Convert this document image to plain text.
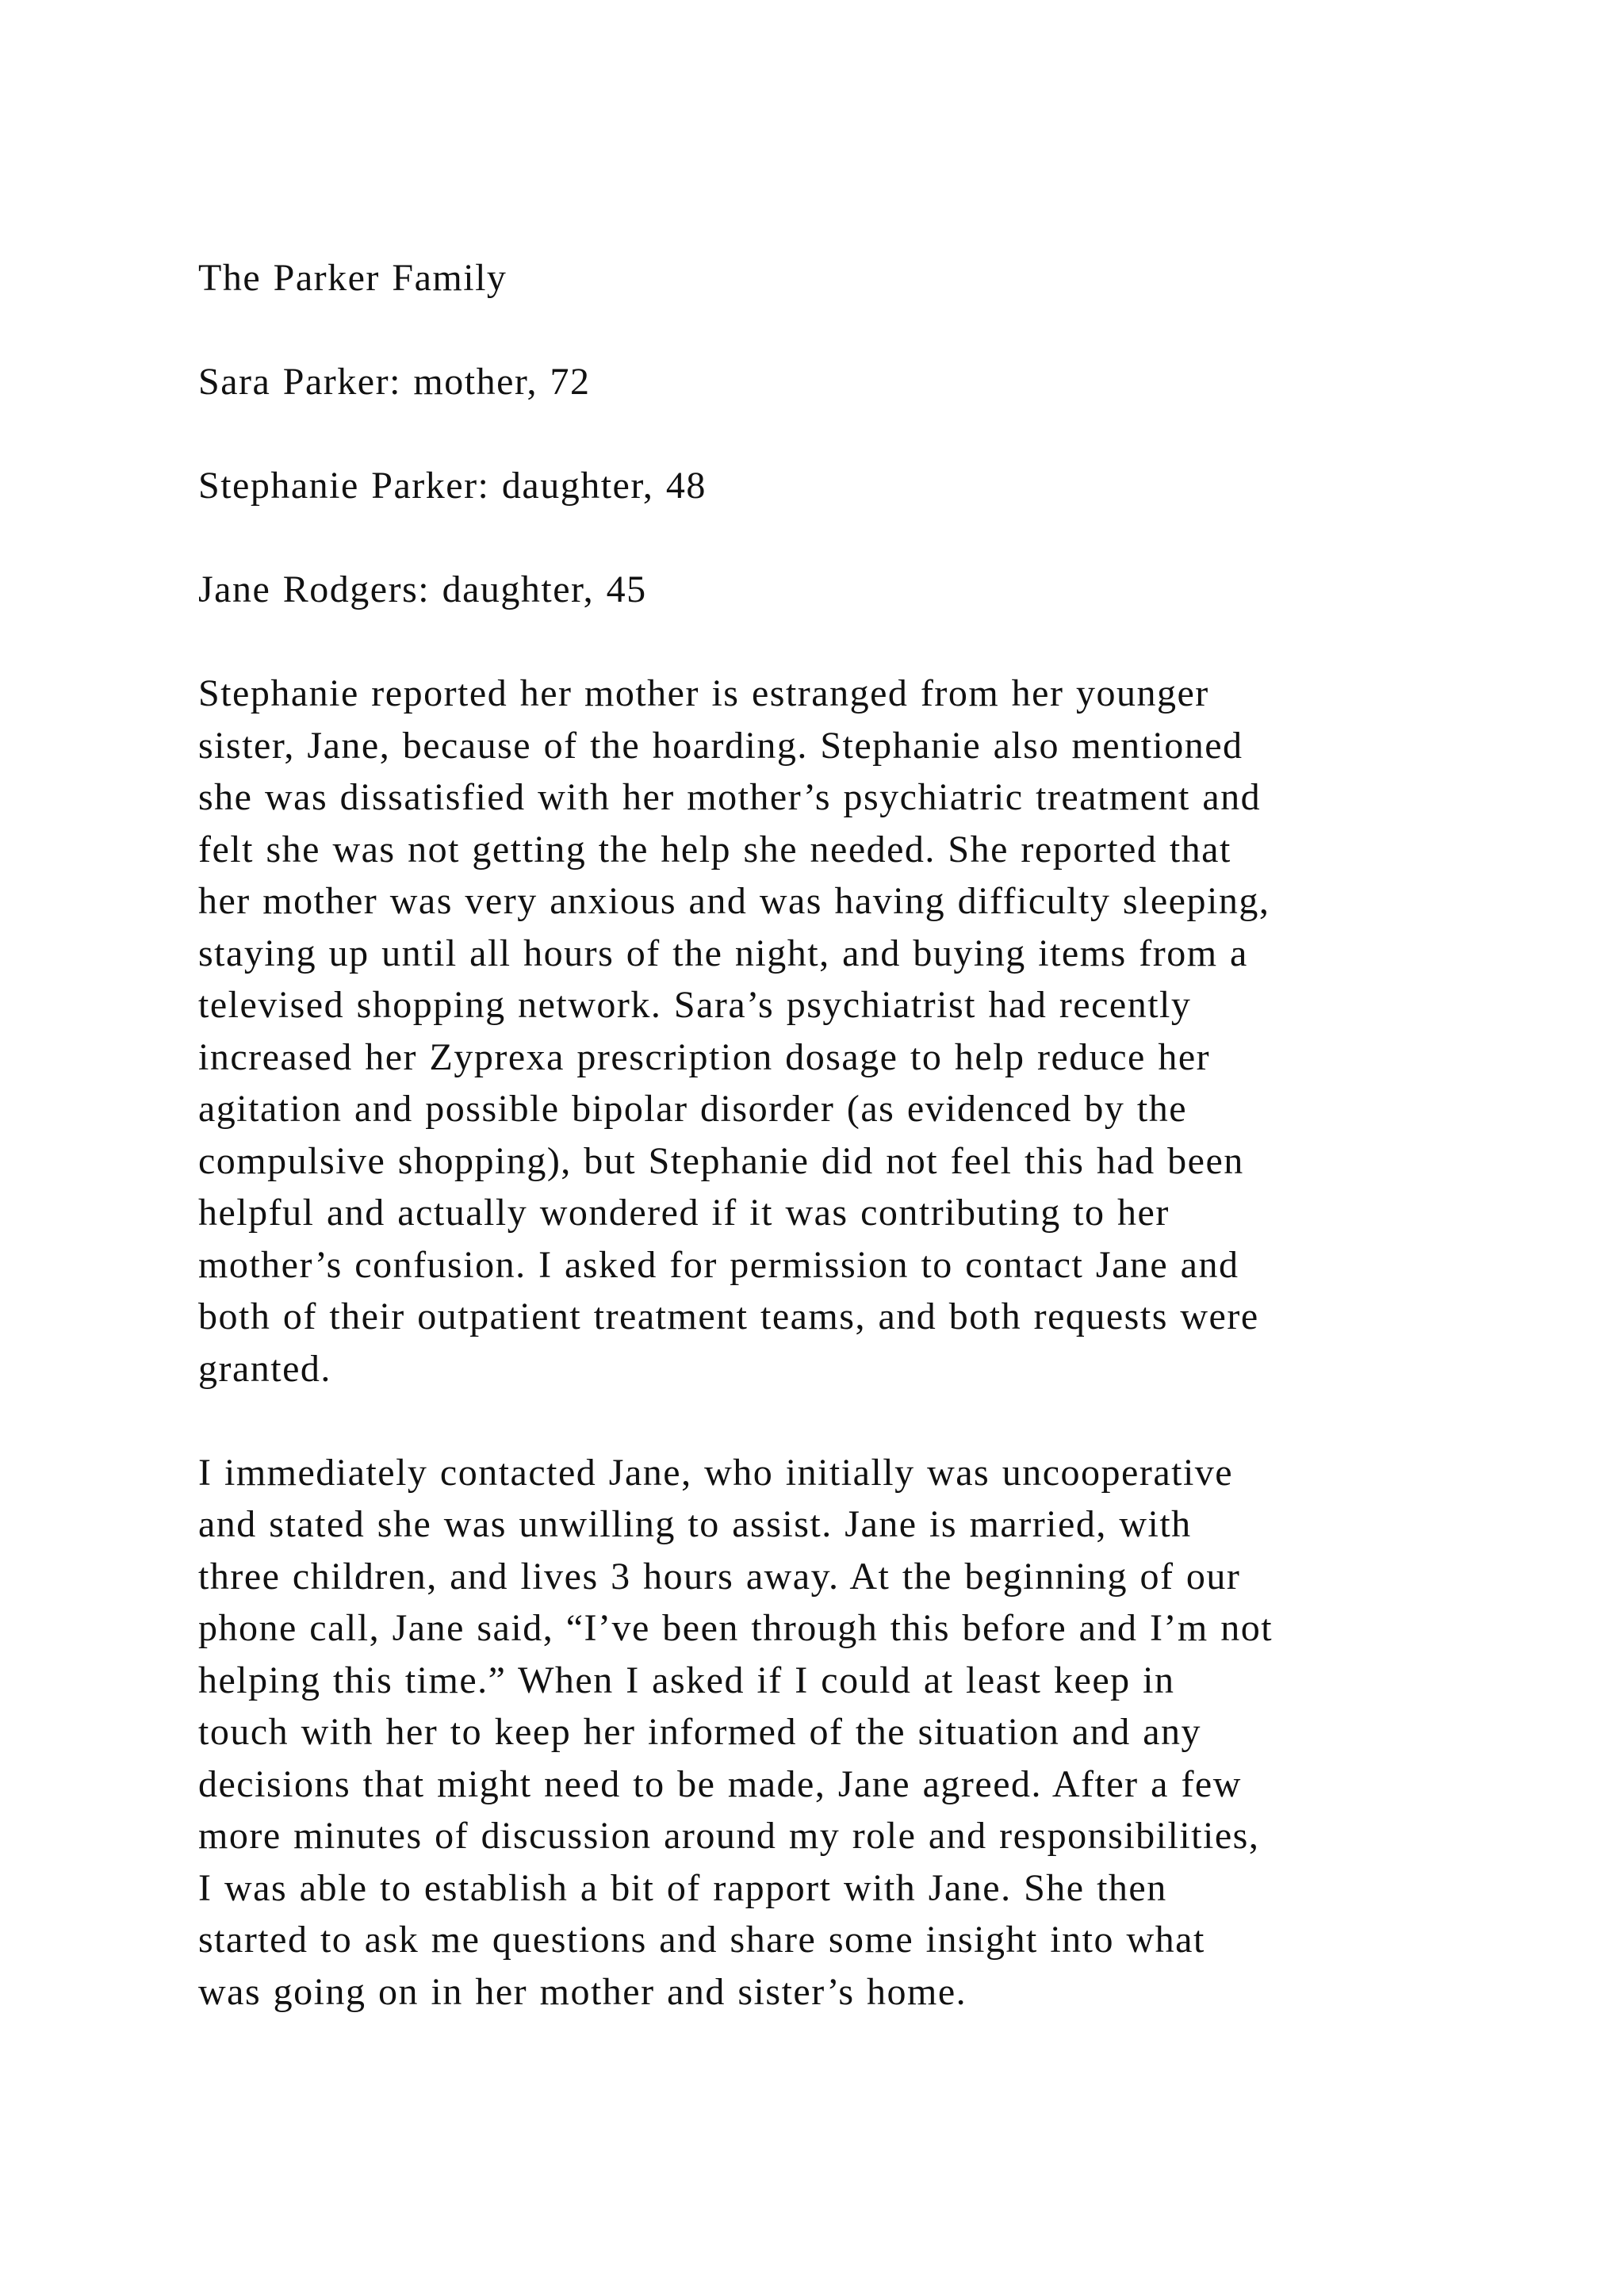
The Parker Family
Sara Parker: mother, 72
Stephanie Parker: daughter, 48
Jane Rodgers: daughter, 45
Stephanie reported her mother is estranged from her younger
sister, Jane, because of the hoarding. Stephanie also mentioned
she was dissatisfied with her mother’s psychiatric treatment and
felt she was not getting the help she needed. She reported that
her mother was very anxious and was having difficulty sleeping,
staying up until all hours of the night, and buying items from a
televised shopping network. Sara’s psychiatrist had recently
increased her Zyprexa prescription dosage to help reduce her
agitation and possible bipolar disorder (as evidenced by the
compulsive shopping), but Stephanie did not feel this had been
helpful and actually wondered if it was contributing to her
mother’s confusion. I asked for permission to contact Jane and
both of their outpatient treatment teams, and both requests were
granted.
I immediately contacted Jane, who initially was uncooperative
and stated she was unwilling to assist. Jane is married, with
three children, and lives 3 hours away. At the beginning of our
phone call, Jane said, “I’ve been through this before and I’m not
helping this time.” When I asked if I could at least keep in
touch with her to keep her informed of the situation and any
decisions that might need to be made, Jane agreed. After a few
more minutes of discussion around my role and responsibilities,
I was able to establish a bit of rapport with Jane. She then
started to ask me questions and share some insight into what
was going on in her mother and sister’s home.
